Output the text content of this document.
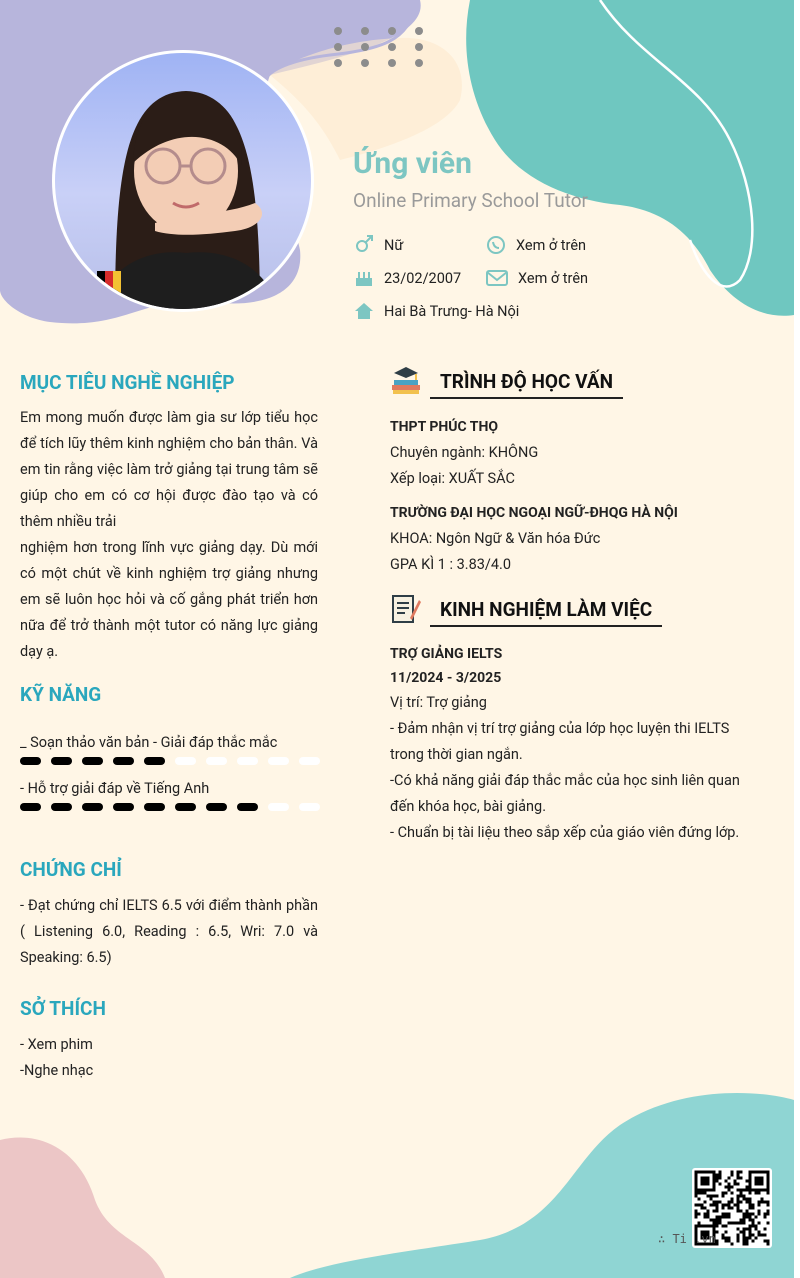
Ứng viên
Online Primary School Tutor
Nữ	Xem ở trên
23/02/2007	Xem ở trên
Hai Bà Trưng- Hà Nội
MỤC TIÊU NGHỀ NGHIỆP
Em mong muốn được làm gia sư lớp tiểu học để tích lũy thêm kinh nghiệm cho bản thân. Và em tin rằng việc làm trở giảng tại trung tâm sẽ giúp cho em có cơ hội được đào tạo và có thêm nhiều trải
nghiệm hơn trong lĩnh vực giảng dạy. Dù mới có một chút về kinh nghiệm trợ giảng nhưng em sẽ luôn học hỏi và cố gắng phát triển hơn nữa để trở thành một tutor có năng lực giảng dạy ạ.
KỸ NĂNG
_ Soạn thảo văn bản - Giải đáp thắc mắc
- Hỗ trợ giải đáp về Tiếng Anh
CHỨNG CHỈ
- Đạt chứng chỉ IELTS 6.5 với điểm thành phần ( Listening 6.0, Reading : 6.5, Wri: 7.0 và Speaking: 6.5)
SỞ THÍCH
- Xem phim
-Nghe nhạc
TRÌNH ĐỘ HỌC VẤN
THPT PHÚC THỌ
Chuyên ngành: KHÔNG
Xếp loại: XUẤT SẮC
TRƯỜNG ĐẠI HỌC NGOẠI NGỮ-ĐHQG HÀ NỘI
KHOA: Ngôn Ngữ & Văn hóa Đức
GPA KÌ 1 : 3.83/4.0
KINH NGHIỆM LÀM VIỆC
TRỢ GIẢNG IELTS
11/2024 - 3/2025
Vị trí: Trợ giảng
- Đảm nhận vị trí trợ giảng của lớp học luyện thi IELTS trong thời gian ngắn.
-Có khả năng giải đáp thắc mắc của học sinh liên quan đến khóa học, bài giảng.
- Chuẩn bị tài liệu theo sắp xếp của giáo viên đứng lớp.
∴ Ti .vn
